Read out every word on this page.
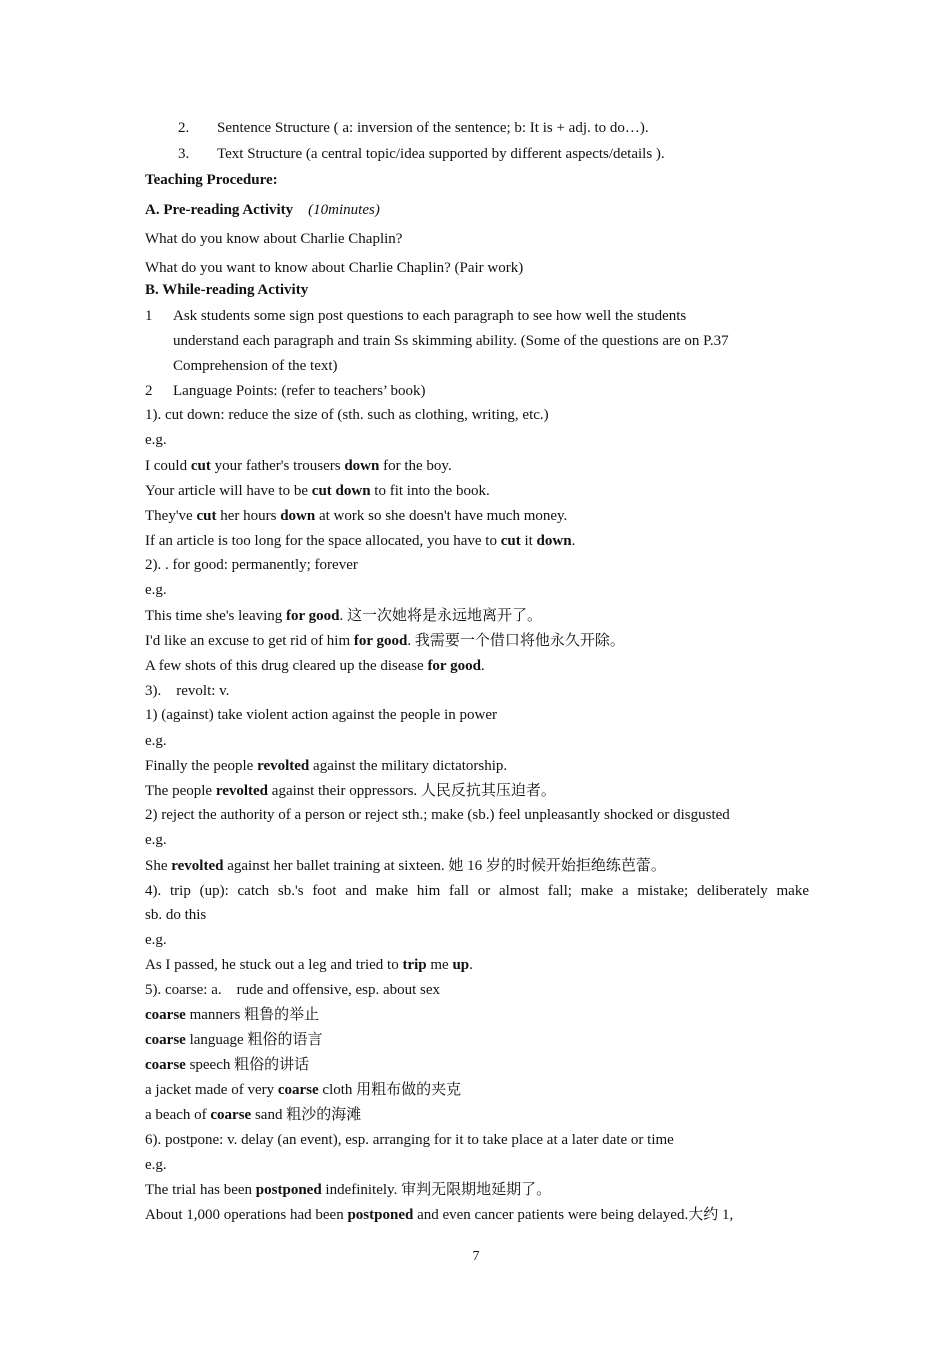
2. Sentence Structure ( a: inversion of the sentence; b: It is + adj. to do…).
3. Text Structure (a central topic/idea supported by different aspects/details ).
Teaching Procedure:
A. Pre-reading Activity (10minutes)
What do you know about Charlie Chaplin?
What do you want to know about Charlie Chaplin? (Pair work)
B. While-reading Activity
1 Ask students some sign post questions to each paragraph to see how well the students
understand each paragraph and train Ss skimming ability. (Some of the questions are on P.37
Comprehension of the text)
2 Language Points: (refer to teachers’ book)
1). cut down: reduce the size of (sth. such as clothing, writing, etc.)
e.g.
I could cut your father's trousers down for the boy.
Your article will have to be cut down to fit into the book.
They've cut her hours down at work so she doesn't have much money.
If an article is too long for the space allocated, you have to cut it down.
2). . for good: permanently; forever
e.g.
This time she's leaving for good. 这一次她将是永远地离开了。
I'd like an excuse to get rid of him for good. 我需要一个借口将他永久开除。
A few shots of this drug cleared up the disease for good.
3).    revolt: v.
1) (against) take violent action against the people in power
e.g.
Finally the people revolted against the military dictatorship.
The people revolted against their oppressors. 人民反抗其压迫者。
2) reject the authority of a person or reject sth.; make (sb.) feel unpleasantly shocked or disgusted
e.g.
She revolted against her ballet training at sixteen. 她 16 岁的时候开始拒绝练芭蕾。
4). trip (up): catch sb.'s foot and make him fall or almost fall; make a mistake; deliberately make
sb. do this
e.g.
As I passed, he stuck out a leg and tried to trip me up.
5). coarse: a.    rude and offensive, esp. about sex
coarse manners 粗鲁的举止
coarse language 粗俗的语言
coarse speech 粗俗的讲话
a jacket made of very coarse cloth 用粗布做的夹克
a beach of coarse sand 粗沙的海滩
6). postpone: v. delay (an event), esp. arranging for it to take place at a later date or time
e.g.
The trial has been postponed indefinitely. 审判无限期地延期了。
About 1,000 operations had been postponed and even cancer patients were being delayed.大约 1,
7
